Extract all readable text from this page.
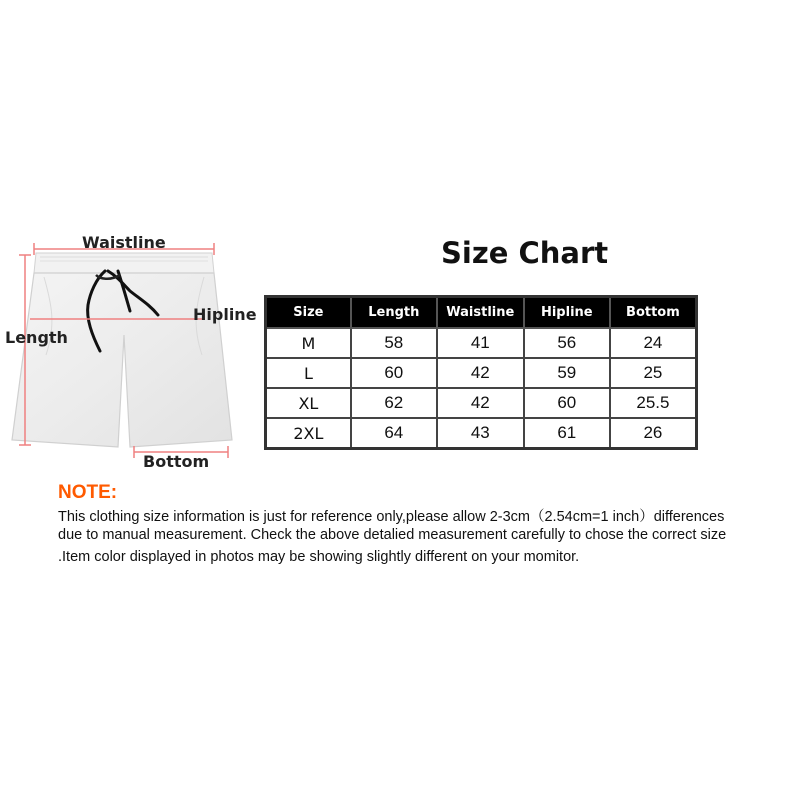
Waistline
Hipline
Length
Bottom
Size Chart
Size	Length	Waistline	Hipline	Bottom
M	58	41	56	24
L	60	42	59	25
XL	62	42	60	25.5
2XL	64	43	61	26

NOTE:

This clothing size information is just for reference only,please allow 2-3cm（2.54cm=1 inch）differences

due to manual measurement. Check the above detalied measurement carefully to chose the correct size

.Item color displayed in photos may be showing slightly different on your momitor.
